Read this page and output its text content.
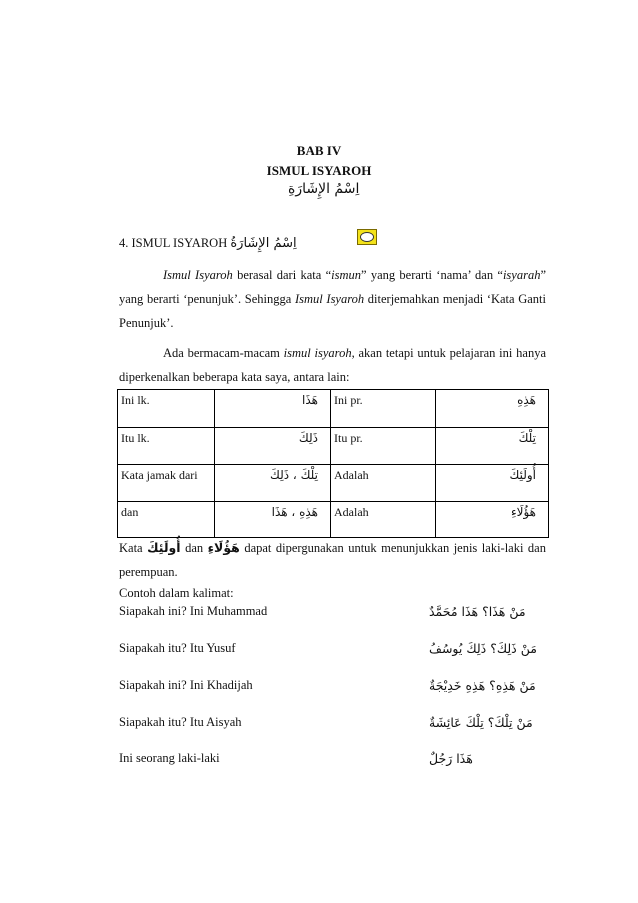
BAB IV
ISMUL ISYAROH
اِسْمُ الإِشَارَةِ
4. ISMUL ISYAROH اِسْمُ الإِشَارَةُ
Ismul Isyaroh berasal dari kata “ismun” yang berarti ‘nama’ dan “isyarah” yang berarti ‘penunjuk’. Sehingga Ismul Isyaroh diterjemahkan menjadi ‘Kata Ganti Penunjuk’.
Ada bermacam-macam ismul isyaroh, akan tetapi untuk pelajaran ini hanya diperkenalkan beberapa kata saya, antara lain:
Ini lk.	هَذَا	Ini pr.	هَذِهِ
Itu lk.	ذَلِكَ	Itu pr.	تِلْكَ
Kata jamak dari	تِلْكَ ، ذَلِكَ	Adalah	أُولَئِكَ
dan	هَذِهِ ، هَذَا	Adalah	هَؤُلَاءِ
Kata أُولَئِكَ dan هَؤُلَاءِ dapat dipergunakan untuk menunjukkan jenis laki-laki dan perempuan.
Contoh dalam kalimat:
Siapakah ini? Ini Muhammad	مَنْ هَذَا؟ هَذَا مُحَمَّدٌ
Siapakah itu? Itu Yusuf	مَنْ ذَلِكَ؟ ذَلِكَ يُوسُفُ
Siapakah ini? Ini Khadijah	مَنْ هَذِهِ؟ هَذِهِ خَدِيْجَةٌ
Siapakah itu? Itu Aisyah	مَنْ تِلْكَ؟ تِلْكَ عَائِشَةٌ
Ini seorang laki-laki	هَذَا رَجُلٌ
